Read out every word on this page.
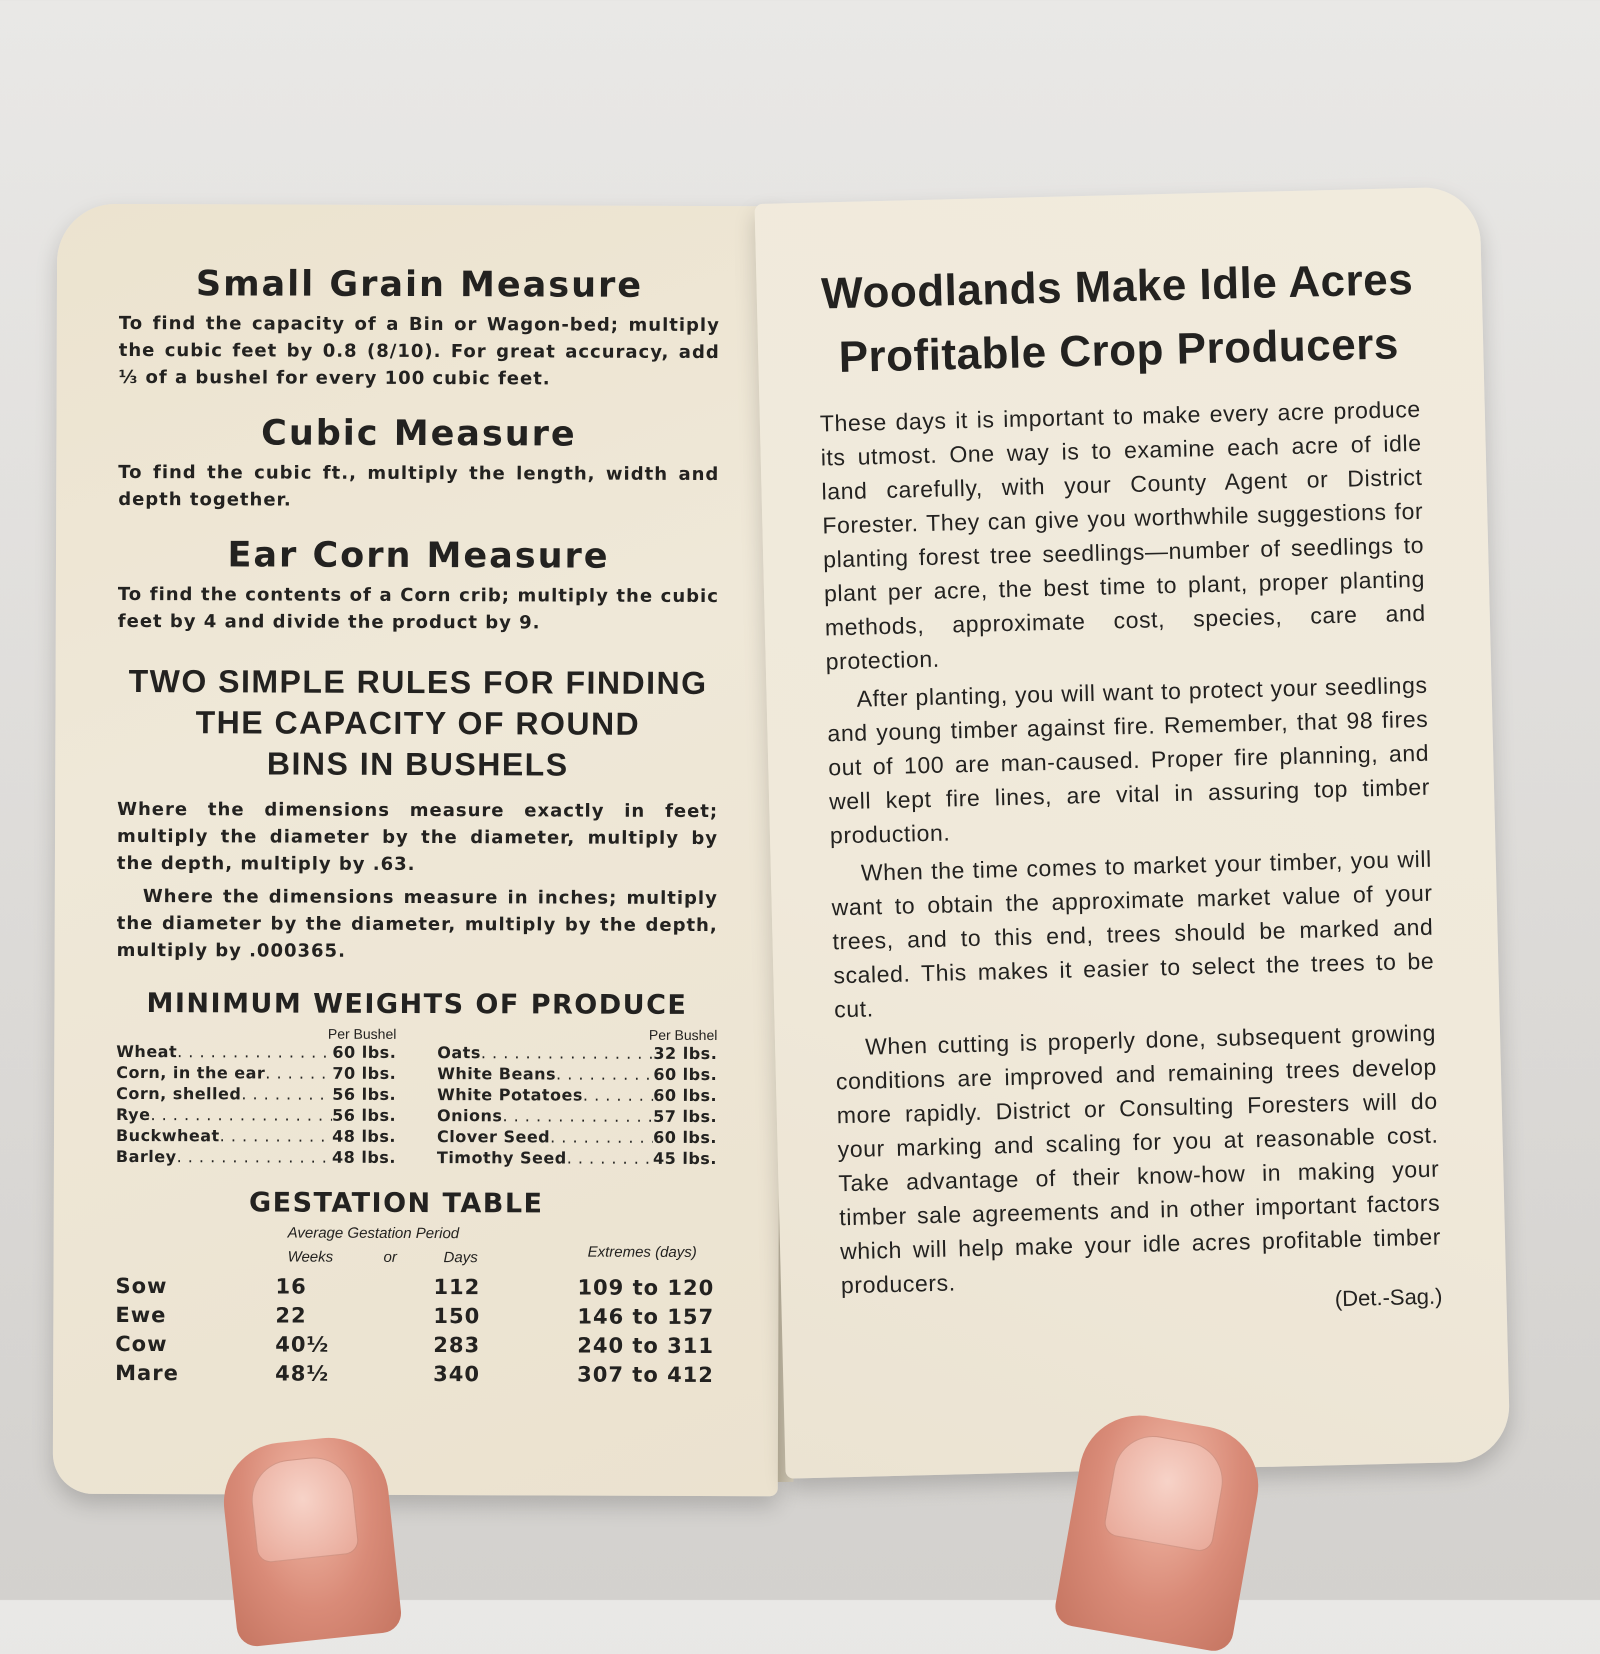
Small Grain Measure

To find the capacity of a Bin or Wagon-bed; multiply the cubic feet by 0.8 (8/10). For great accuracy, add ⅓ of a bushel for every 100 cubic feet.

Cubic Measure

To find the cubic ft., multiply the length, width and depth together.

Ear Corn Measure

To find the contents of a Corn crib; multiply the cubic feet by 4 and divide the product by 9.

TWO SIMPLE RULES FOR FINDING
THE CAPACITY OF ROUND
BINS IN BUSHELS

Where the dimensions measure exactly in feet; multiply the diameter by the diameter, multiply by the depth, multiply by .63.

Where the dimensions measure in inches; multiply the diameter by the diameter, multiply by the depth, multiply by .000365.

MINIMUM WEIGHTS OF PRODUCE
Per Bushel
Wheat . . .	60 lbs.
Corn, in the ear . . .	70 lbs.
Corn, shelled . . .	56 lbs.
Rye . . .	56 lbs.
Buckwheat . . .	48 lbs.
Barley . . .	48 lbs.
Per Bushel
Oats . . .	32 lbs.
White Beans . . .	60 lbs.
White Potatoes . . .	60 lbs.
Onions . . .	57 lbs.
Clover Seed . . .	60 lbs.
Timothy Seed . . .	45 lbs.
GESTATION TABLE
Average Gestation Period
Weeks	or	Days	Extremes (days)
Sow	16	112	109 to 120
Ewe	22	150	146 to 157
Cow	40½	283	240 to 311
Mare	48½	340	307 to 412
Woodlands Make Idle Acres
Profitable Crop Producers

These days it is important to make every acre produce its utmost. One way is to examine each acre of idle land carefully, with your County Agent or District Forester. They can give you worthwhile suggestions for planting forest tree seedlings—number of seedlings to plant per acre, the best time to plant, proper planting methods, approximate cost, species, care and protection.

After planting, you will want to protect your seedlings and young timber against fire. Remember, that 98 fires out of 100 are man-caused. Proper fire planning, and well kept fire lines, are vital in assuring top timber production.

When the time comes to market your timber, you will want to obtain the approximate market value of your trees, and to this end, trees should be marked and scaled. This makes it easier to select the trees to be cut.

When cutting is properly done, subsequent growing conditions are improved and remaining trees develop more rapidly. District or Consulting Foresters will do your marking and scaling for you at reasonable cost. Take advantage of their know-how in making your timber sale agreements and in other important factors which will help make your idle acres profitable timber producers.	(Det.-Sag.)
